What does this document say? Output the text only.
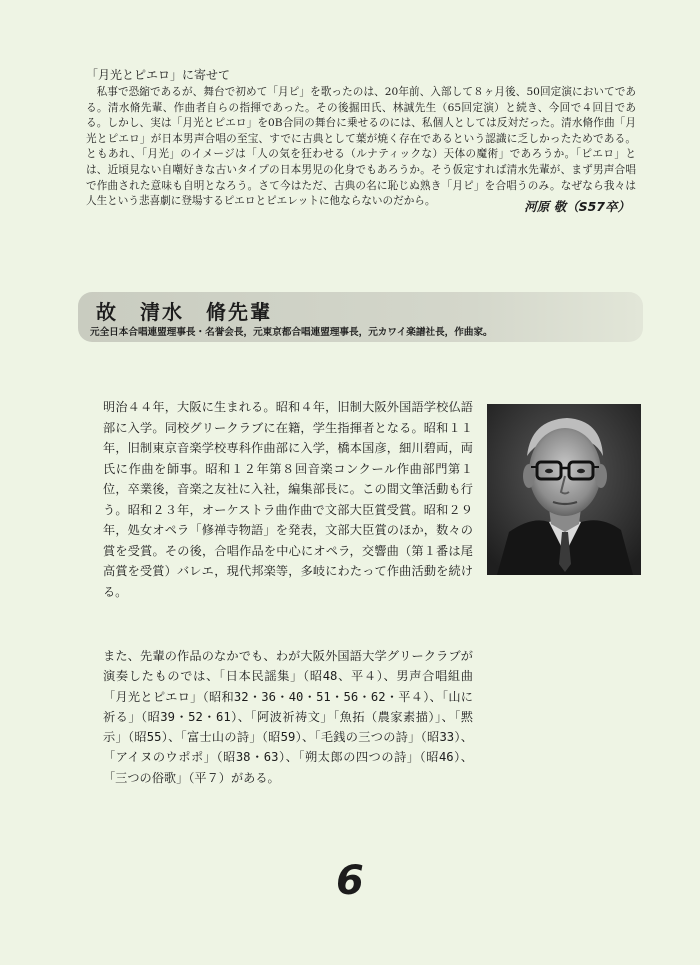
「月光とピエロ」に寄せて

私事で恐縮であるが、舞台で初めて「月ピ」を歌ったのは、20年前、入部して８ヶ月後、50回定演においてである。清水脩先輩、作曲者自らの指揮であった。その後掘田氏、林誠先生（65回定演）と続き、今回で４回目である。しかし、実は「月光とピエロ」を0B合同の舞台に乗せるのには、私個人としては反対だった。清水脩作曲「月光とピエロ」が日本男声合唱の至宝、すでに古典として葉が焼く存在であるという認識に乏しかったためである。ともあれ、「月光」のイメージは「人の気を狂わせる（ルナティックな）天体の魔術」であろうか。「ピエロ」とは、近頃見ない自嘲好きな古いタイプの日本男児の化身でもあろうか。そう仮定すれば清水先輩が、まず男声合唱で作曲された意味も自明となろう。さて今はただ、古典の名に恥じぬ熟き「月ピ」を合唱うのみ。なぜなら我々は人生という悲喜劇に登場するピエロとピエレットに他ならないのだから。	河原 敬（S57卒）
故　清水　脩先輩

元全日本合唱連盟理事長・名誉会長，元東京都合唱連盟理事長，元カワイ楽譜社長，作曲家。

明治４４年，大阪に生まれる。昭和４年，旧制大阪外国語学校仏語部に入学。同校グリークラブに在籍，学生指揮者となる。昭和１１年，旧制東京音楽学校専科作曲部に入学，橋本国彦，細川碧両，両氏に作曲を師事。昭和１２年第８回音楽コンクール作曲部門第１位，卒業後，音楽之友社に入社，編集部長に。この間文筆活動も行う。昭和２３年，オーケストラ曲作曲で文部大臣賞受賞。昭和２９年，処女オペラ「修禅寺物語」を発表，文部大臣賞のほか，数々の賞を受賞。その後，合唱作品を中心にオペラ，交響曲（第１番は尾高賞を受賞）バレエ，現代邦楽等，多岐にわたって作曲活動を続ける。

また、先輩の作品のなかでも、わが大阪外国語大学グリークラブが演奏したものでは、「日本民謡集」（昭48、平４）、男声合唱組曲「月光とピエロ」（昭和32・36・40・51・56・62・平４）、「山に祈る」（昭39・52・61）、「阿波祈祷文」「魚拓（農家素描）」、「黙示」（昭55）、「富士山の詩」（昭59）、「毛銭の三つの詩」（昭33）、「アイヌのウポポ」（昭38・63）、「朔太郎の四つの詩」（昭46）、「三つの俗歌」（平７）がある。

6
